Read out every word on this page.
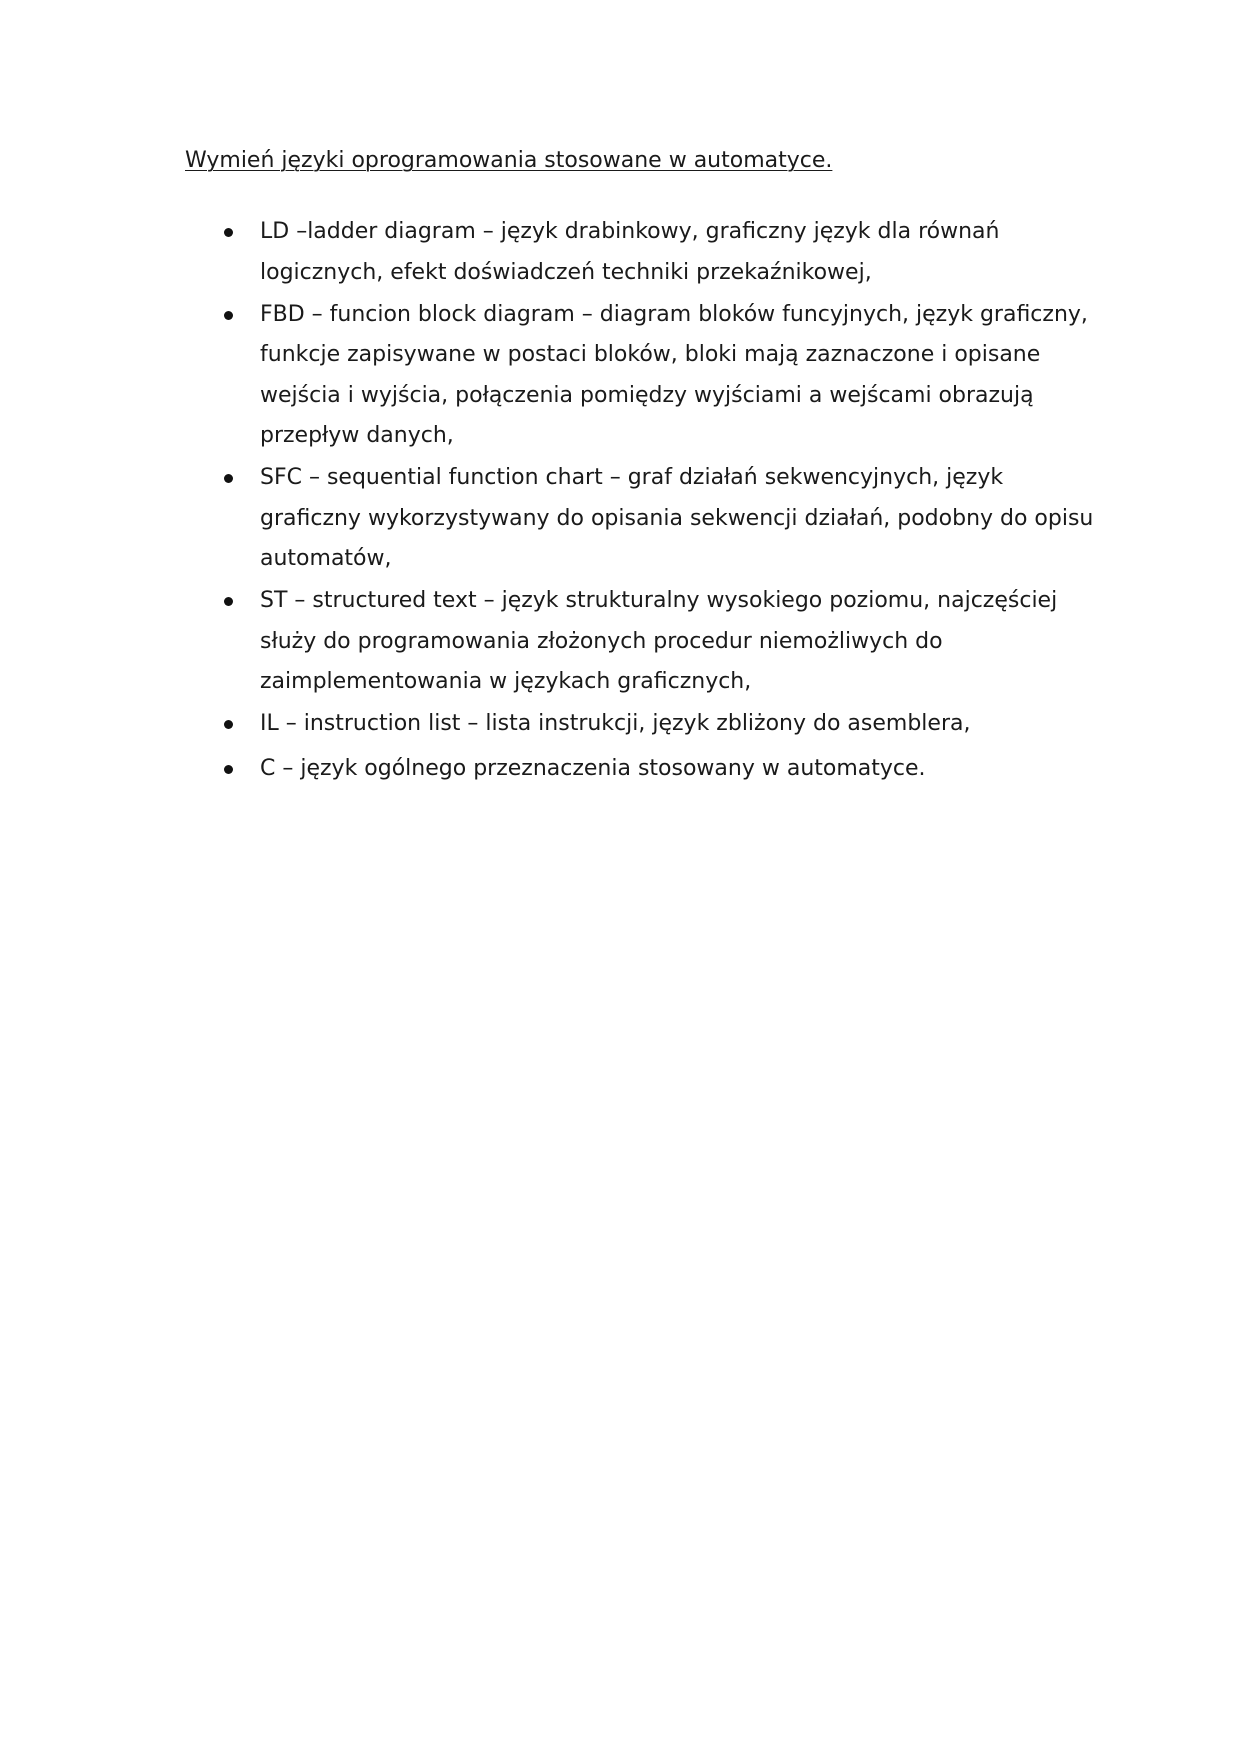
Wymień języki oprogramowania stosowane w automatyce.
LD –ladder diagram – język drabinkowy, graficzny język dla równań logicznych, efekt doświadczeń techniki przekaźnikowej,
FBD – funcion block diagram – diagram bloków funcyjnych, język graficzny, funkcje zapisywane w postaci bloków, bloki mają zaznaczone i opisane wejścia i wyjścia, połączenia pomiędzy wyjściami a wejścami obrazują przepływ danych,
SFC – sequential function chart – graf działań sekwencyjnych, język graficzny wykorzystywany do opisania sekwencji działań, podobny do opisu automatów,
ST – structured text – język strukturalny wysokiego poziomu, najczęściej służy do programowania złożonych procedur niemożliwych do zaimplementowania w językach graficznych,
IL – instruction list – lista instrukcji, język zbliżony do asemblera,
C – język ogólnego przeznaczenia stosowany w automatyce.
